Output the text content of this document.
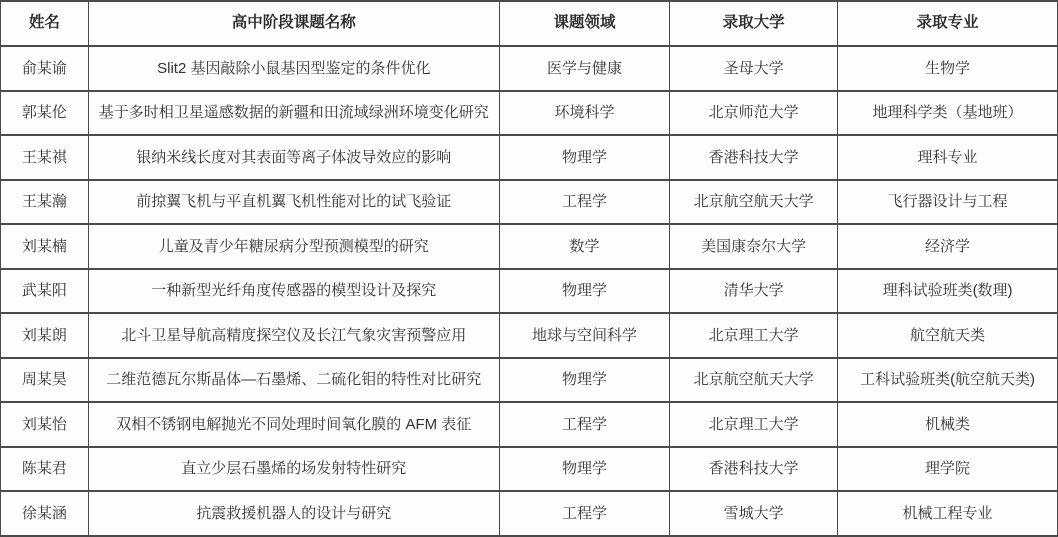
姓名	高中阶段课题名称	课题领域	录取大学	录取专业
俞某谕	Slit2 基因敲除小鼠基因型鉴定的条件优化	医学与健康	圣母大学	生物学
郭某伦	基于多时相卫星遥感数据的新疆和田流域绿洲环境变化研究	环境科学	北京师范大学	地理科学类（基地班）
王某祺	银纳米线长度对其表面等离子体波导效应的影响	物理学	香港科技大学	理科专业
王某瀚	前掠翼飞机与平直机翼飞机性能对比的试飞验证	工程学	北京航空航天大学	飞行器设计与工程
刘某楠	儿童及青少年糖尿病分型预测模型的研究	数学	美国康奈尔大学	经济学
武某阳	一种新型光纤角度传感器的模型设计及探究	物理学	清华大学	理科试验班类(数理)
刘某朗	北斗卫星导航高精度探空仪及长江气象灾害预警应用	地球与空间科学	北京理工大学	航空航天类
周某昊	二维范德瓦尔斯晶体—石墨烯、二硫化钼的特性对比研究	物理学	北京航空航天大学	工科试验班类(航空航天类)
刘某怡	双相不锈钢电解抛光不同处理时间氧化膜的 AFM 表征	工程学	北京理工大学	机械类
陈某君	直立少层石墨烯的场发射特性研究	物理学	香港科技大学	理学院
徐某涵	抗震救援机器人的设计与研究	工程学	雪城大学	机械工程专业
